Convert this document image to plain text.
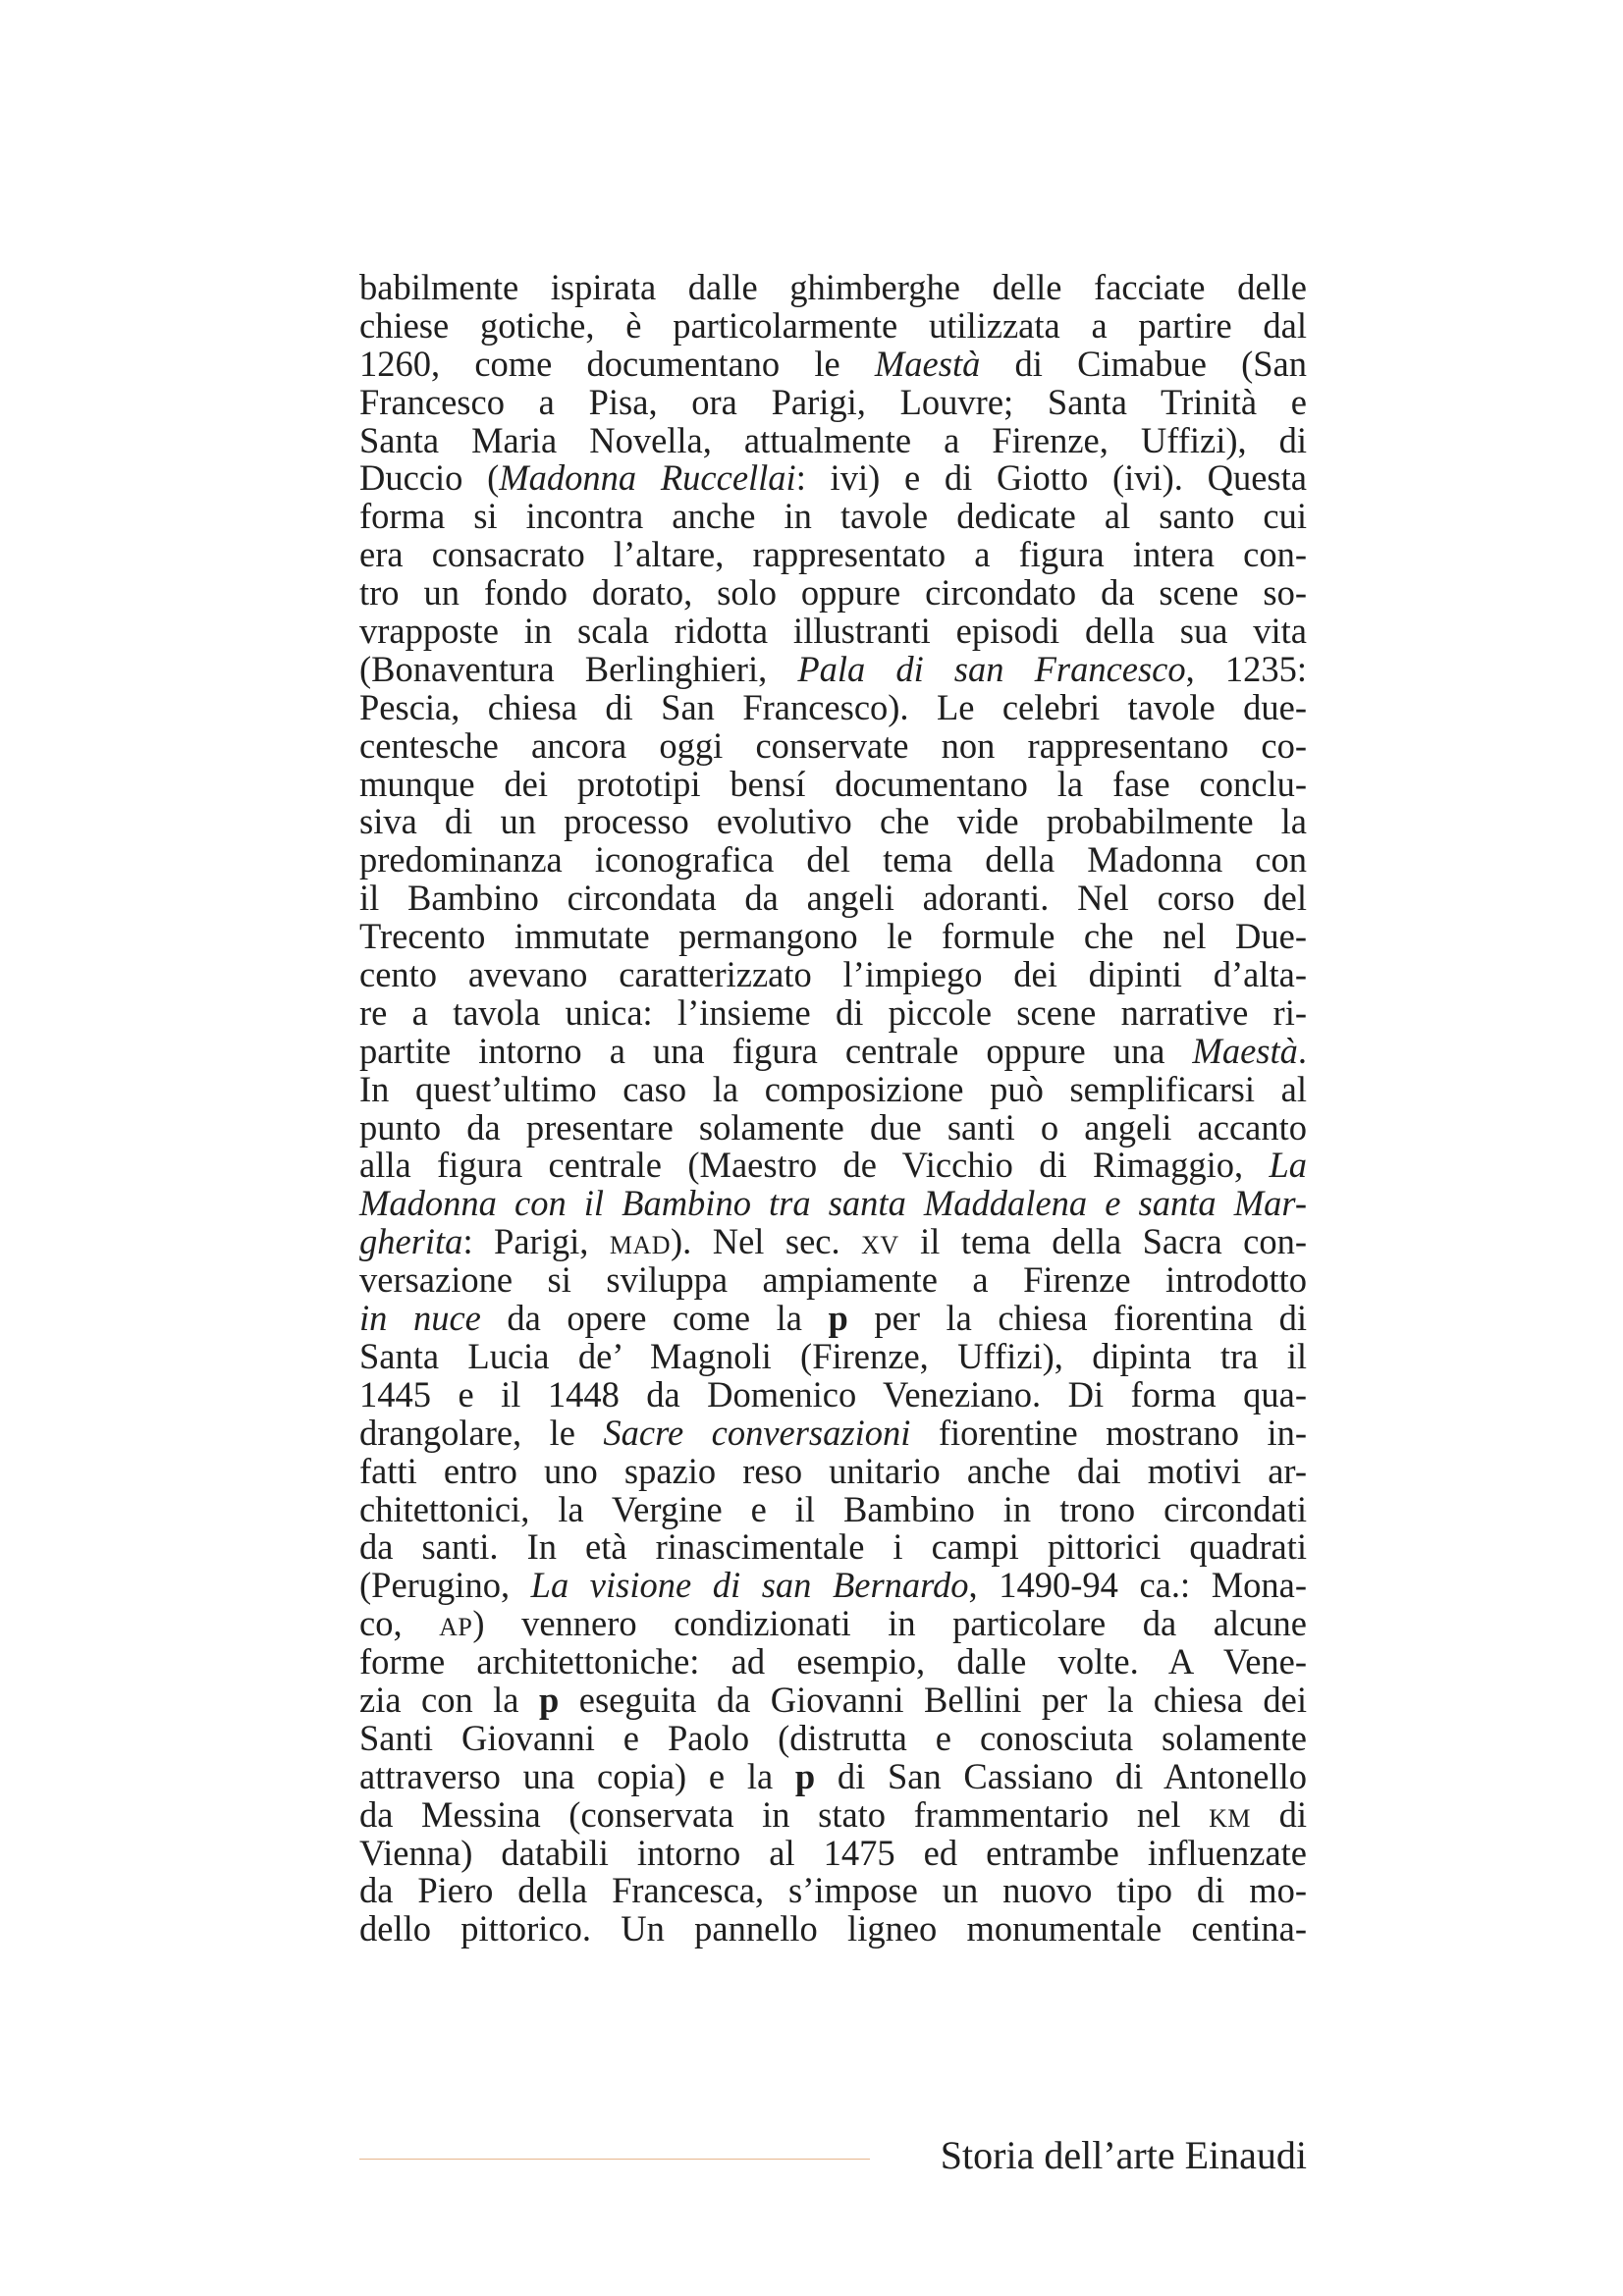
babilmente ispirata dalle ghimberghe delle facciate delle
chiese gotiche, è particolarmente utilizzata a partire dal
1260, come documentano le Maestà di Cimabue (San
Francesco a Pisa, ora Parigi, Louvre; Santa Trinità e
Santa Maria Novella, attualmente a Firenze, Uffizi), di
Duccio (Madonna Ruccellai: ivi) e di Giotto (ivi). Questa
forma si incontra anche in tavole dedicate al santo cui
era consacrato l’altare, rappresentato a figura intera con-
tro un fondo dorato, solo oppure circondato da scene so-
vrapposte in scala ridotta illustranti episodi della sua vita
(Bonaventura Berlinghieri, Pala di san Francesco, 1235:
Pescia, chiesa di San Francesco). Le celebri tavole due-
centesche ancora oggi conservate non rappresentano co-
munque dei prototipi bensí documentano la fase conclu-
siva di un processo evolutivo che vide probabilmente la
predominanza iconografica del tema della Madonna con
il Bambino circondata da angeli adoranti. Nel corso del
Trecento immutate permangono le formule che nel Due-
cento avevano caratterizzato l’impiego dei dipinti d’alta-
re a tavola unica: l’insieme di piccole scene narrative ri-
partite intorno a una figura centrale oppure una Maestà.
In quest’ultimo caso la composizione può semplificarsi al
punto da presentare solamente due santi o angeli accanto
alla figura centrale (Maestro de Vicchio di Rimaggio, La
Madonna con il Bambino tra santa Maddalena e santa Mar-
gherita: Parigi, mad). Nel sec. xv il tema della Sacra con-
versazione si sviluppa ampiamente a Firenze introdotto
in nuce da opere come la p per la chiesa fiorentina di
Santa Lucia de’ Magnoli (Firenze, Uffizi), dipinta tra il
1445 e il 1448 da Domenico Veneziano. Di forma qua-
drangolare, le Sacre conversazioni fiorentine mostrano in-
fatti entro uno spazio reso unitario anche dai motivi ar-
chitettonici, la Vergine e il Bambino in trono circondati
da santi. In età rinascimentale i campi pittorici quadrati
(Perugino, La visione di san Bernardo, 1490-94 ca.: Mona-
co, ap) vennero condizionati in particolare da alcune
forme architettoniche: ad esempio, dalle volte. A Vene-
zia con la p eseguita da Giovanni Bellini per la chiesa dei
Santi Giovanni e Paolo (distrutta e conosciuta solamente
attraverso una copia) e la p di San Cassiano di Antonello
da Messina (conservata in stato frammentario nel km di
Vienna) databili intorno al 1475 ed entrambe influenzate
da Piero della Francesca, s’impose un nuovo tipo di mo-
dello pittorico. Un pannello ligneo monumentale centina-
Storia dell’arte Einaudi
